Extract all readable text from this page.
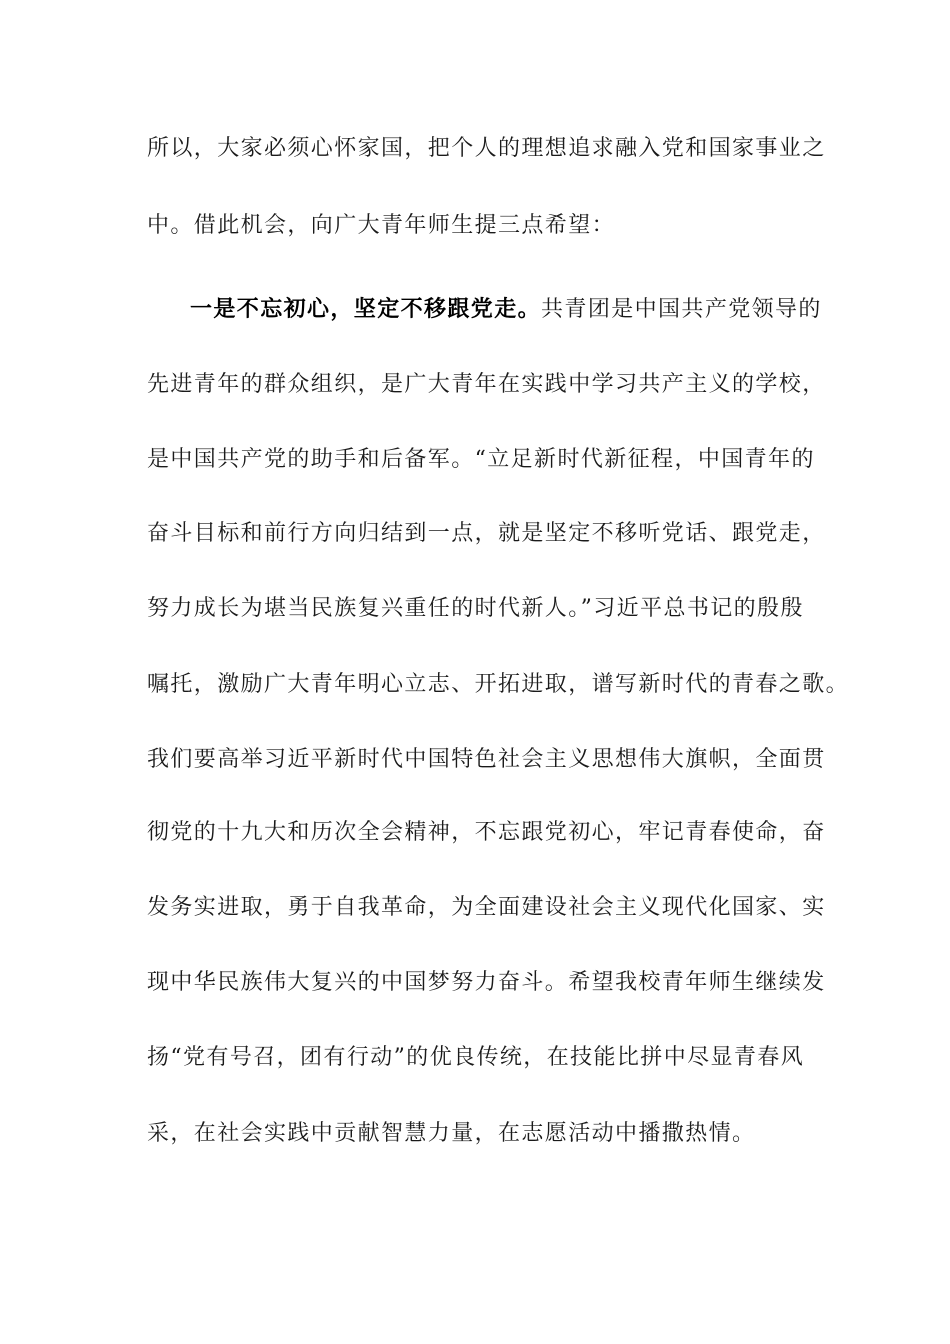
所以，大家必须心怀家国，把个人的理想追求融入党和国家事业之
中。借此机会，向广大青年师生提三点希望：
一是不忘初心，坚定不移跟党走。共青团是中国共产党领导的
先进青年的群众组织，是广大青年在实践中学习共产主义的学校，
是中国共产党的助手和后备军。“立足新时代新征程，中国青年的
奋斗目标和前行方向归结到一点，就是坚定不移听党话、跟党走，
努力成长为堪当民族复兴重任的时代新人。”习近平总书记的殷殷
嘱托，激励广大青年明心立志、开拓进取，谱写新时代的青春之歌。
我们要高举习近平新时代中国特色社会主义思想伟大旗帜，全面贯
彻党的十九大和历次全会精神，不忘跟党初心，牢记青春使命，奋
发务实进取，勇于自我革命，为全面建设社会主义现代化国家、实
现中华民族伟大复兴的中国梦努力奋斗。希望我校青年师生继续发
扬“党有号召，团有行动”的优良传统，在技能比拼中尽显青春风
采，在社会实践中贡献智慧力量，在志愿活动中播撒热情。
